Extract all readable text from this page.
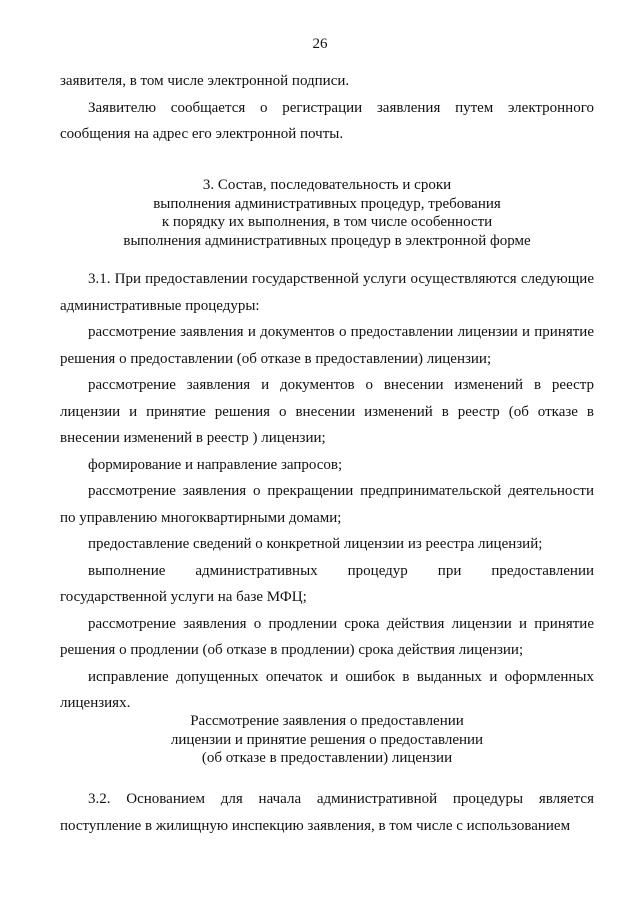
26

заявителя, в том числе электронной подписи.

Заявителю сообщается о регистрации заявления путем электронного сообщения на адрес его электронной почты.

3. Состав, последовательность и сроки

выполнения административных процедур, требования

к порядку их выполнения, в том числе особенности

выполнения административных процедур в электронной форме

3.1. При предоставлении государственной услуги осуществляются следующие административные процедуры:

рассмотрение заявления и документов о предоставлении лицензии и принятие решения о предоставлении (об отказе в предоставлении) лицензии;

рассмотрение заявления и документов о внесении изменений в реестр лицензии и принятие решения о внесении изменений в реестр (об отказе в внесении изменений в реестр ) лицензии;

формирование и направление запросов;

рассмотрение заявления о прекращении предпринимательской деятельности по управлению многоквартирными домами;

предоставление сведений о конкретной лицензии из реестра лицензий;

выполнение административных процедур при предоставлении государственной услуги на базе МФЦ;

рассмотрение заявления о продлении срока действия лицензии и принятие решения о продлении (об отказе в продлении) срока действия лицензии;

исправление допущенных опечаток и ошибок в выданных и оформленных лицензиях.

Рассмотрение заявления о предоставлении

лицензии и принятие решения о предоставлении

(об отказе в предоставлении) лицензии

3.2. Основанием для начала административной процедуры является поступление в жилищную инспекцию заявления, в том числе с использованием
